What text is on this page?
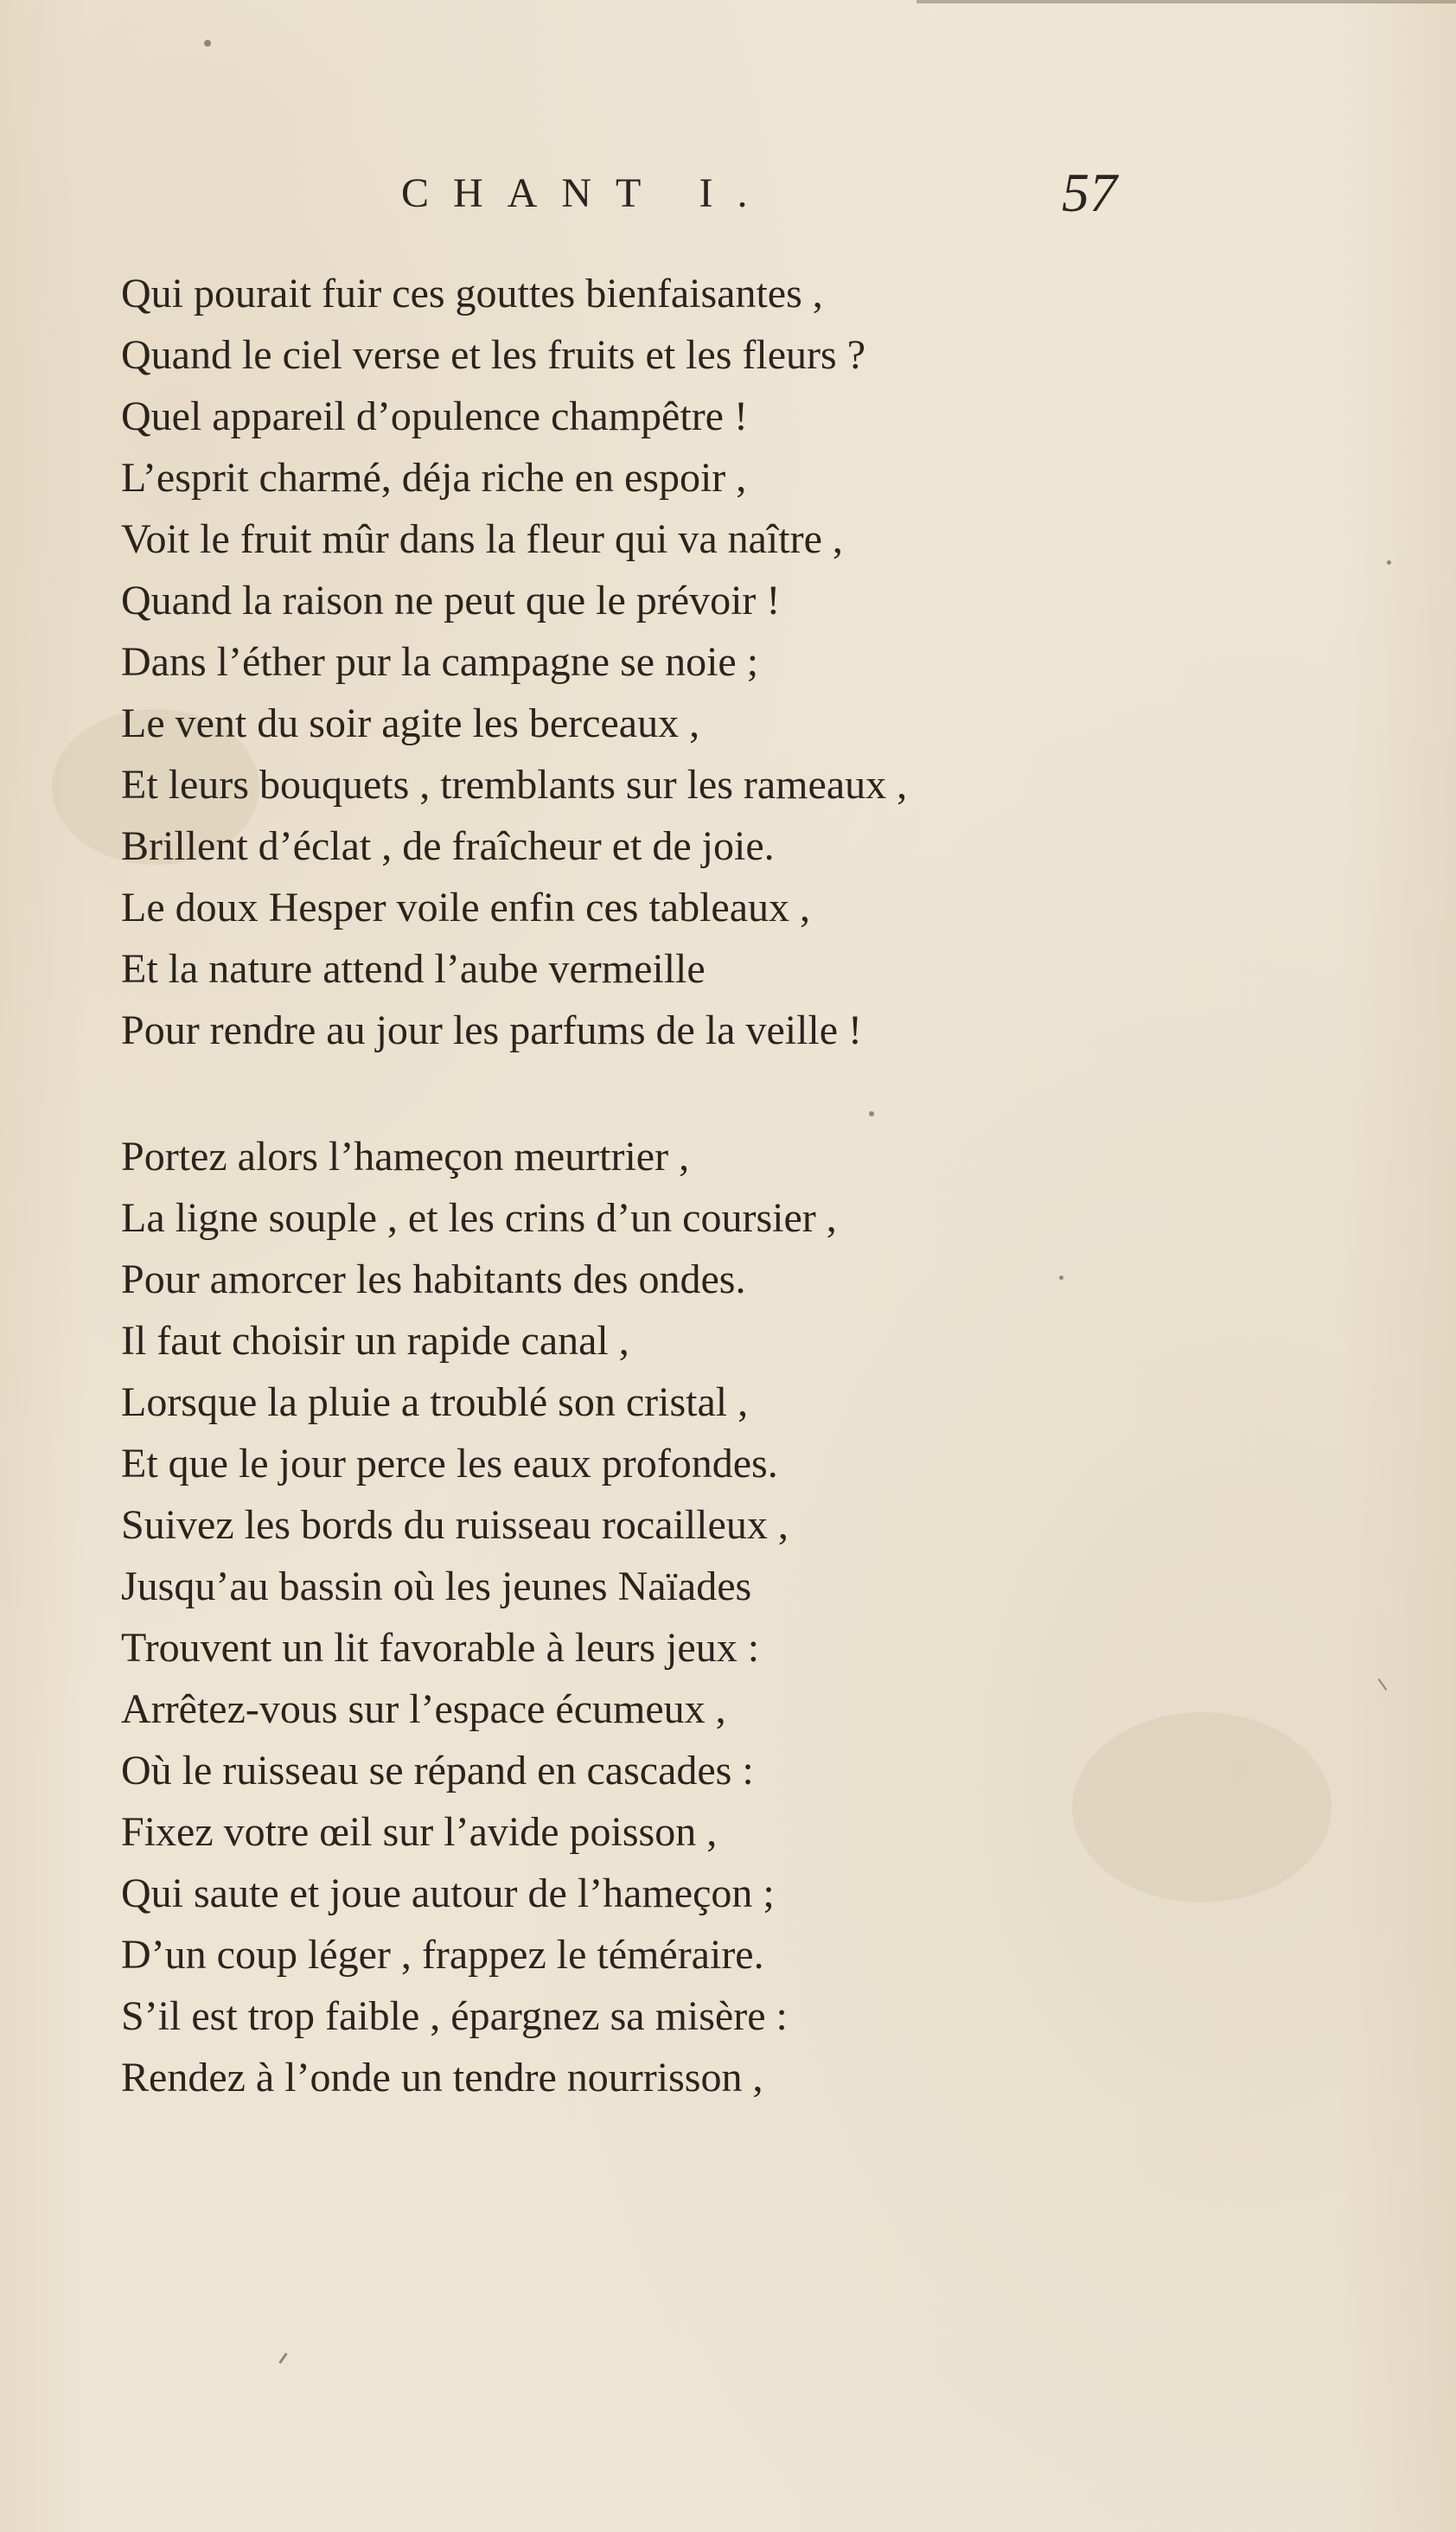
CHANT I.	57
Qui pourait fuir ces gouttes bienfaisantes ,
Quand le ciel verse et les fruits et les fleurs ?
Quel appareil d’opulence champêtre !
L’esprit charmé, déja riche en espoir ,
Voit le fruit mûr dans la fleur qui va naître ,
Quand la raison ne peut que le prévoir !
Dans l’éther pur la campagne se noie ;
Le vent du soir agite les berceaux ,
Et leurs bouquets , tremblants sur les rameaux ,
Brillent d’éclat , de fraîcheur et de joie.
Le doux Hesper voile enfin ces tableaux ,
Et la nature attend l’aube vermeille
Pour rendre au jour les parfums de la veille !
Portez alors l’hameçon meurtrier ,
La ligne souple , et les crins d’un coursier ,
Pour amorcer les habitants des ondes.
Il faut choisir un rapide canal ,
Lorsque la pluie a troublé son cristal ,
Et que le jour perce les eaux profondes.
Suivez les bords du ruisseau rocailleux ,
Jusqu’au bassin où les jeunes Naïades
Trouvent un lit favorable à leurs jeux :
Arrêtez-vous sur l’espace écumeux ,
Où le ruisseau se répand en cascades :
Fixez votre œil sur l’avide poisson ,
Qui saute et joue autour de l’hameçon ;
D’un coup léger , frappez le téméraire.
S’il est trop faible , épargnez sa misère :
Rendez à l’onde un tendre nourrisson ,
